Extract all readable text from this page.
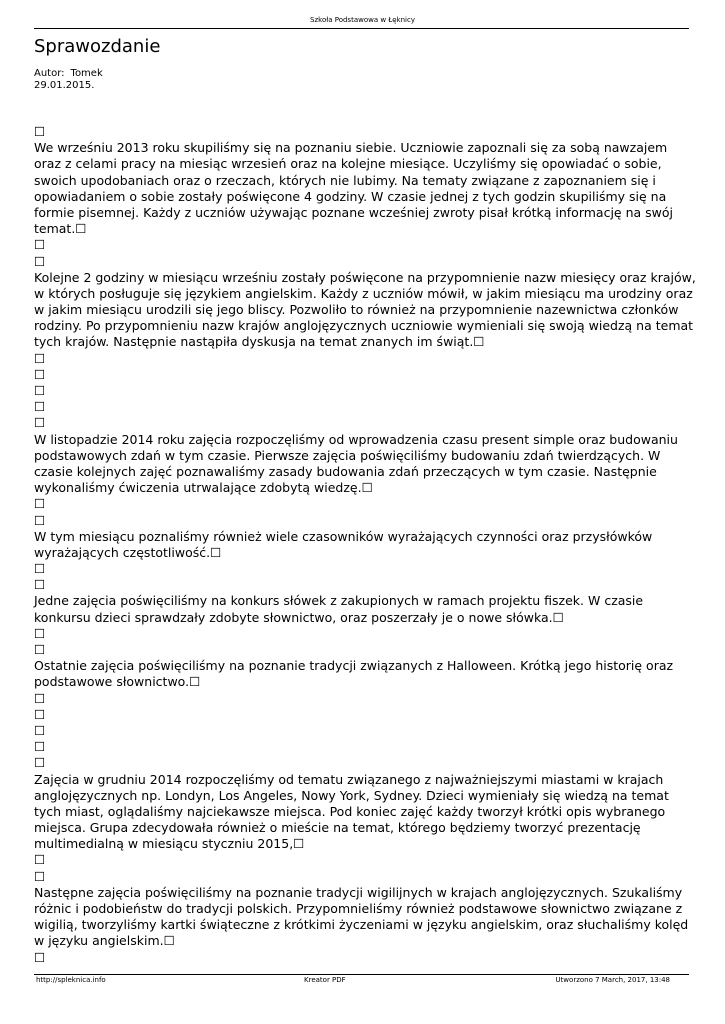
Szkoła Podstawowa w Łęknicy
Sprawozdanie
Autor: Tomek
29.01.2015.
☐
We wrześniu 2013 roku skupiliśmy się na poznaniu siebie. Uczniowie zapoznali się za sobą nawzajem
oraz z celami pracy na miesiąc wrzesień oraz na kolejne miesiące. Uczyliśmy się opowiadać o sobie,
swoich upodobaniach oraz o rzeczach, których nie lubimy. Na tematy związane z zapoznaniem się i
opowiadaniem o sobie zostały poświęcone 4 godziny. W czasie jednej z tych godzin skupiliśmy się na
formie pisemnej. Każdy z uczniów używając poznane wcześniej zwroty pisał krótką informację na swój
temat.☐
☐
☐
Kolejne 2 godziny w miesiącu wrześniu zostały poświęcone na przypomnienie nazw miesięcy oraz krajów,
w których posługuje się językiem angielskim. Każdy z uczniów mówił, w jakim miesiącu ma urodziny oraz
w jakim miesiącu urodzili się jego bliscy. Pozwoliło to również na przypomnienie nazewnictwa członków
rodziny. Po przypomnieniu nazw krajów anglojęzycznych uczniowie wymieniali się swoją wiedzą na temat
tych krajów. Następnie nastąpiła dyskusja na temat znanych im świąt.☐
☐
☐
☐
☐
☐
W listopadzie 2014 roku zajęcia rozpoczęliśmy od wprowadzenia czasu present simple oraz budowaniu
podstawowych zdań w tym czasie. Pierwsze zajęcia poświęciliśmy budowaniu zdań twierdzących. W
czasie kolejnych zajęć poznawaliśmy zasady budowania zdań przeczących w tym czasie. Następnie
wykonaliśmy ćwiczenia utrwalające zdobytą wiedzę.☐
☐
☐
W tym miesiącu poznaliśmy również wiele czasowników wyrażających czynności oraz przysłówków
wyrażających częstotliwość.☐
☐
☐
Jedne zajęcia poświęciliśmy na konkurs słówek z zakupionych w ramach projektu fiszek. W czasie
konkursu dzieci sprawdzały zdobyte słownictwo, oraz poszerzały je o nowe słówka.☐
☐
☐
Ostatnie zajęcia poświęciliśmy na poznanie tradycji związanych z Halloween. Krótką jego historię oraz
podstawowe słownictwo.☐
☐
☐
☐
☐
☐
Zajęcia w grudniu 2014 rozpoczęliśmy od tematu związanego z najważniejszymi miastami w krajach
anglojęzycznych np. Londyn, Los Angeles, Nowy York, Sydney. Dzieci wymieniały się wiedzą na temat
tych miast, oglądaliśmy najciekawsze miejsca. Pod koniec zajęć każdy tworzył krótki opis wybranego
miejsca. Grupa zdecydowała również o mieście na temat, którego będziemy tworzyć prezentację
multimedialną w miesiącu styczniu 2015,☐
☐
☐
Następne zajęcia poświęciliśmy na poznanie tradycji wigilijnych w krajach anglojęzycznych. Szukaliśmy
różnic i podobieństw do tradycji polskich. Przypomnieliśmy również podstawowe słownictwo związane z
wigilią, tworzyliśmy kartki świąteczne z krótkimi życzeniami w języku angielskim, oraz słuchaliśmy kolęd
w języku angielskim.☐
☐
http://spleknica.info	Kreator PDF	Utworzono 7 March, 2017, 13:48
